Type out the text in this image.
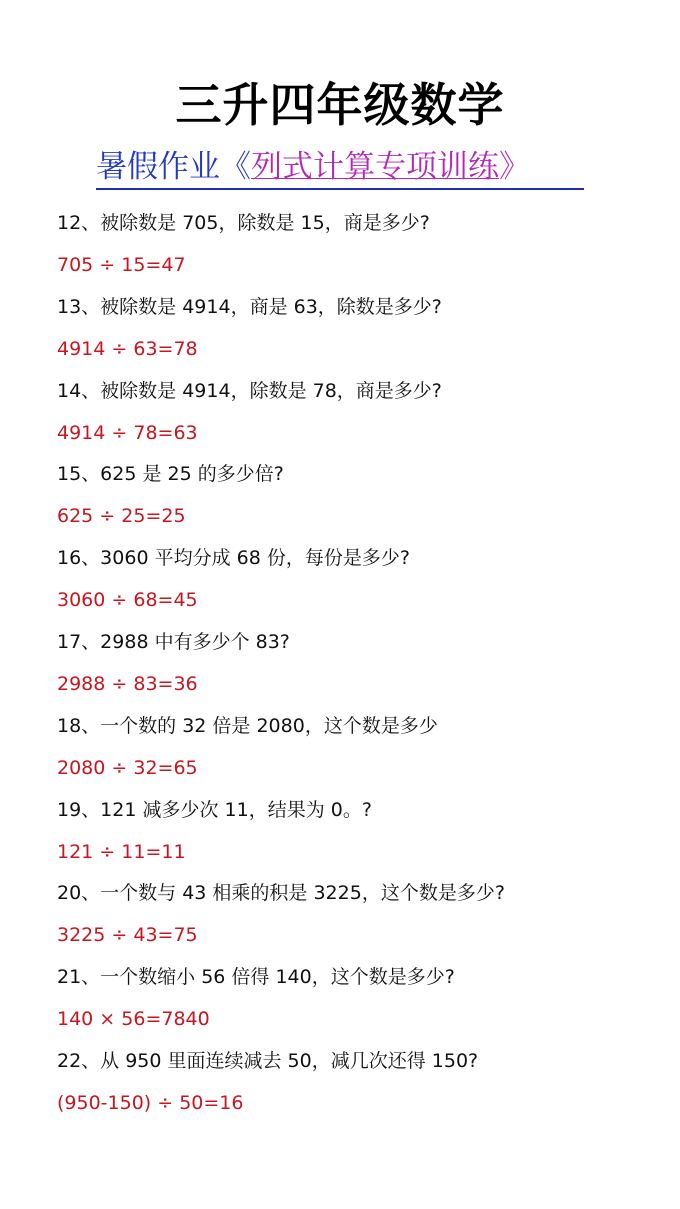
三升四年级数学
暑假作业《列式计算专项训练》
12、被除数是 705，除数是 15，商是多少?
705 ÷ 15=47
13、被除数是 4914，商是 63，除数是多少?
4914 ÷ 63=78
14、被除数是 4914，除数是 78，商是多少?
4914 ÷ 78=63
15、625 是 25 的多少倍?
625 ÷ 25=25
16、3060 平均分成 68 份，每份是多少?
3060 ÷ 68=45
17、2988 中有多少个 83?
2988 ÷ 83=36
18、一个数的 32 倍是 2080，这个数是多少
2080 ÷ 32=65
19、121 减多少次 11，结果为 0。?
121 ÷ 11=11
20、一个数与 43 相乘的积是 3225，这个数是多少?
3225 ÷ 43=75
21、一个数缩小 56 倍得 140，这个数是多少?
140 × 56=7840
22、从 950 里面连续减去 50，减几次还得 150?
(950-150) ÷ 50=16
